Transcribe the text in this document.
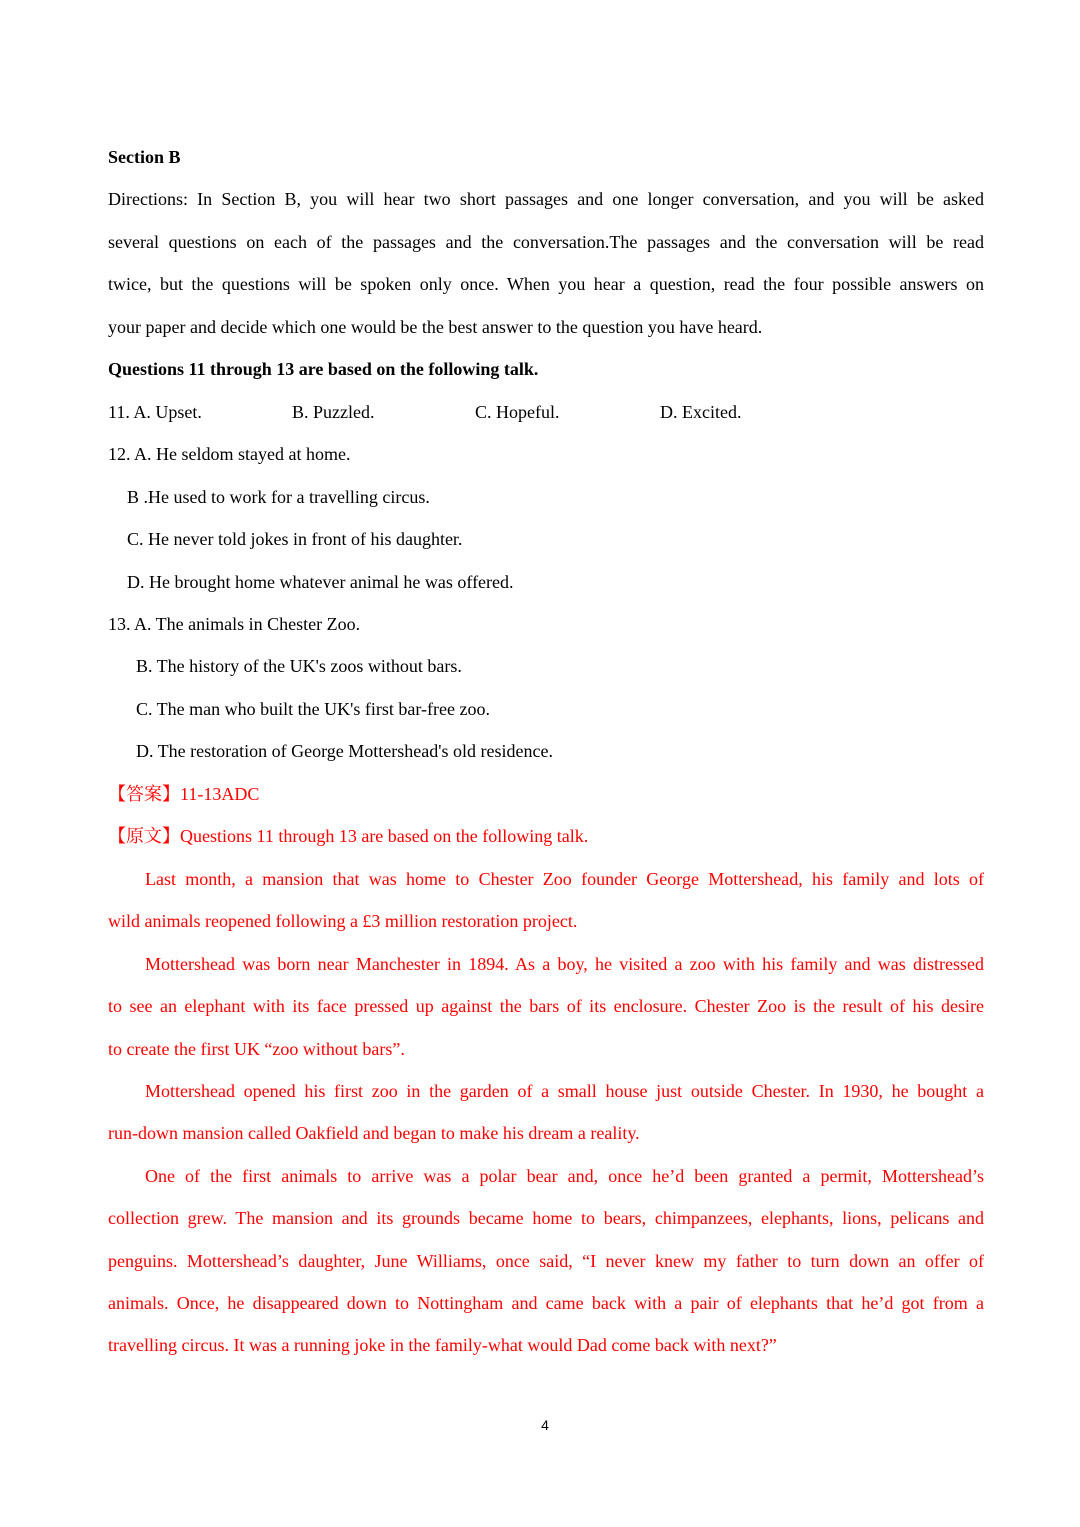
Section B
Directions: In Section B, you will hear two short passages and one longer conversation, and you will be asked
several questions on each of the passages and the conversation.The passages and the conversation will be read
twice, but the questions will be spoken only once. When you hear a question, read the four possible answers on
your paper and decide which one would be the best answer to the question you have heard.
Questions 11 through 13 are based on the following talk.
11. A. Upset.	B. Puzzled.	C. Hopeful.	D. Excited.
12. A. He seldom stayed at home.
B .He used to work for a travelling circus.
C. He never told jokes in front of his daughter.
D. He brought home whatever animal he was offered.
13. A. The animals in Chester Zoo.
B. The history of the UK's zoos without bars.
C. The man who built the UK's first bar-free zoo.
D. The restoration of George Mottershead's old residence.
【答案】11-13ADC
【原文】Questions 11 through 13 are based on the following talk.
Last month, a mansion that was home to Chester Zoo founder George Mottershead, his family and lots of
wild animals reopened following a £3 million restoration project.
Mottershead was born near Manchester in 1894. As a boy, he visited a zoo with his family and was distressed
to see an elephant with its face pressed up against the bars of its enclosure. Chester Zoo is the result of his desire
to create the first UK “zoo without bars”.
Mottershead opened his first zoo in the garden of a small house just outside Chester. In 1930, he bought a
run-down mansion called Oakfield and began to make his dream a reality.
One of the first animals to arrive was a polar bear and, once he’d been granted a permit, Mottershead’s
collection grew. The mansion and its grounds became home to bears, chimpanzees, elephants, lions, pelicans and
penguins. Mottershead’s daughter, June Williams, once said, “I never knew my father to turn down an offer of
animals. Once, he disappeared down to Nottingham and came back with a pair of elephants that he’d got from a
travelling circus. It was a running joke in the family-what would Dad come back with next?”
4
